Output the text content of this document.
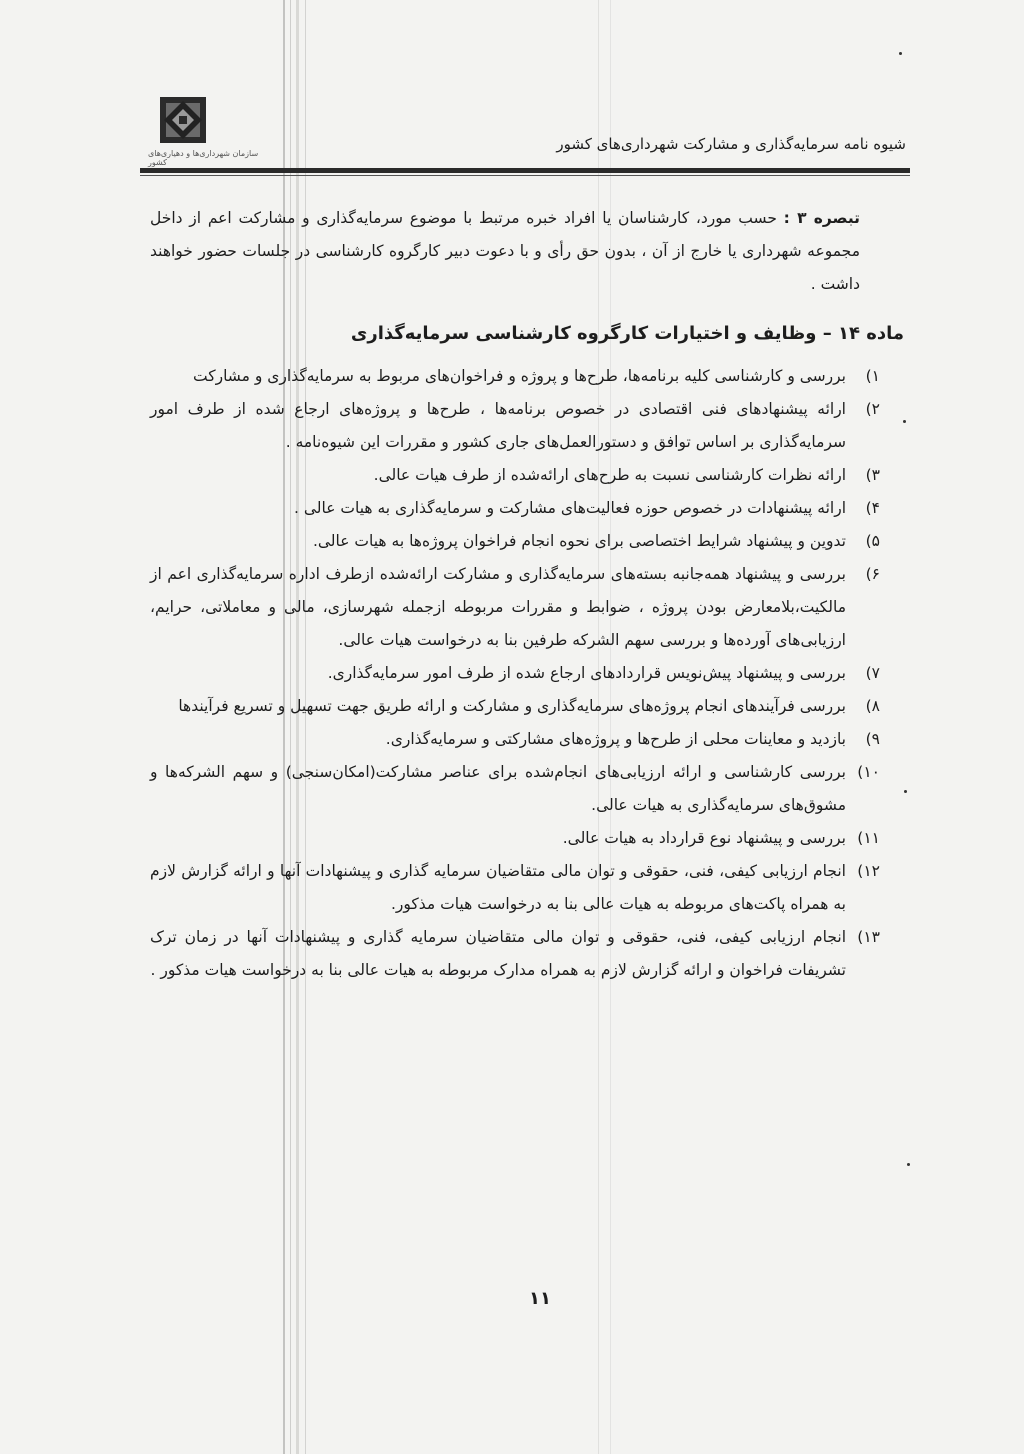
سازمان شهرداری‌ها و دهیاری‌های کشور
شیوه نامه سرمایه‌گذاری و مشارکت شهرداری‌های کشور
تبصره ۳ : حسب مورد، کارشناسان یا افراد خبره مرتبط با موضوع سرمایه‌گذاری و مشارکت اعم از داخل مجموعه شهرداری یا خارج از آن ، بدون حق رأی و با دعوت دبیر کارگروه کارشناسی در جلسات حضور خواهند داشت .
ماده ۱۴ – وظایف و اختیارات کارگروه کارشناسی سرمایه‌گذاری
۱)
بررسی و کارشناسی کلیه برنامه‌ها، طرح‌ها و پروژه و فراخوان‌های مربوط به سرمایه‌گذاری و مشارکت
۲)
ارائه پیشنهادهای فنی اقتصادی در خصوص برنامه‌ها ، طرح‌ها و پروژه‌های ارجاع شده از طرف امور سرمایه‌گذاری بر اساس توافق و دستورالعمل‌های جاری کشور و مقررات این شیوه‌نامه .
۳)
ارائه نظرات کارشناسی نسبت به طرح‌های ارائه‌شده از طرف هیات عالی.
۴)
ارائه پیشنهادات در خصوص حوزه فعالیت‌های مشارکت و سرمایه‌گذاری به هیات عالی .
۵)
تدوین و پیشنهاد شرایط اختصاصی برای نحوه انجام فراخوان پروژه‌ها به هیات عالی.
۶)
بررسی و پیشنهاد همه‌جانبه بسته‌های سرمایه‌گذاری و مشارکت ارائه‌شده ازطرف اداره سرمایه‌گذاری اعم از مالکیت،بلامعارض بودن پروژه ، ضوابط و مقررات مربوطه ازجمله شهرسازی، مالی و معاملاتی، حرایم، ارزیابی‌های آورده‌ها و بررسی سهم الشرکه طرفین بنا به درخواست هیات عالی.
۷)
بررسی و پیشنهاد پیش‌نویس قراردادهای ارجاع شده از طرف امور سرمایه‌گذاری.
۸)
بررسی فرآیندهای انجام پروژه‌های سرمایه‌گذاری و مشارکت و ارائه طریق جهت تسهیل و تسریع فرآیندها
۹)
بازدید و معاینات محلی از طرح‌ها و پروژه‌های مشارکتی و سرمایه‌گذاری.
۱۰)
بررسی کارشناسی و ارائه ارزیابی‌های انجام‌شده برای عناصر مشارکت(امکان‌سنجی) و سهم الشرکه‌ها و مشوق‌های سرمایه‌گذاری به هیات عالی.
۱۱)
بررسی و پیشنهاد نوع قرارداد به هیات عالی.
۱۲)
انجام ارزیابی کیفی، فنی، حقوقی و توان مالی متقاضیان سرمایه گذاری و پیشنهادات آنها و ارائه گزارش لازم به همراه پاکت‌های مربوطه به هیات عالی بنا به درخواست هیات مذکور.
۱۳)
انجام ارزیابی کیفی، فنی، حقوقی و توان مالی متقاضیان سرمایه گذاری و پیشنهادات آنها در زمان ترک تشریفات فراخوان و ارائه گزارش لازم به همراه مدارک مربوطه به هیات عالی بنا به درخواست هیات مذکور .
۱۱
